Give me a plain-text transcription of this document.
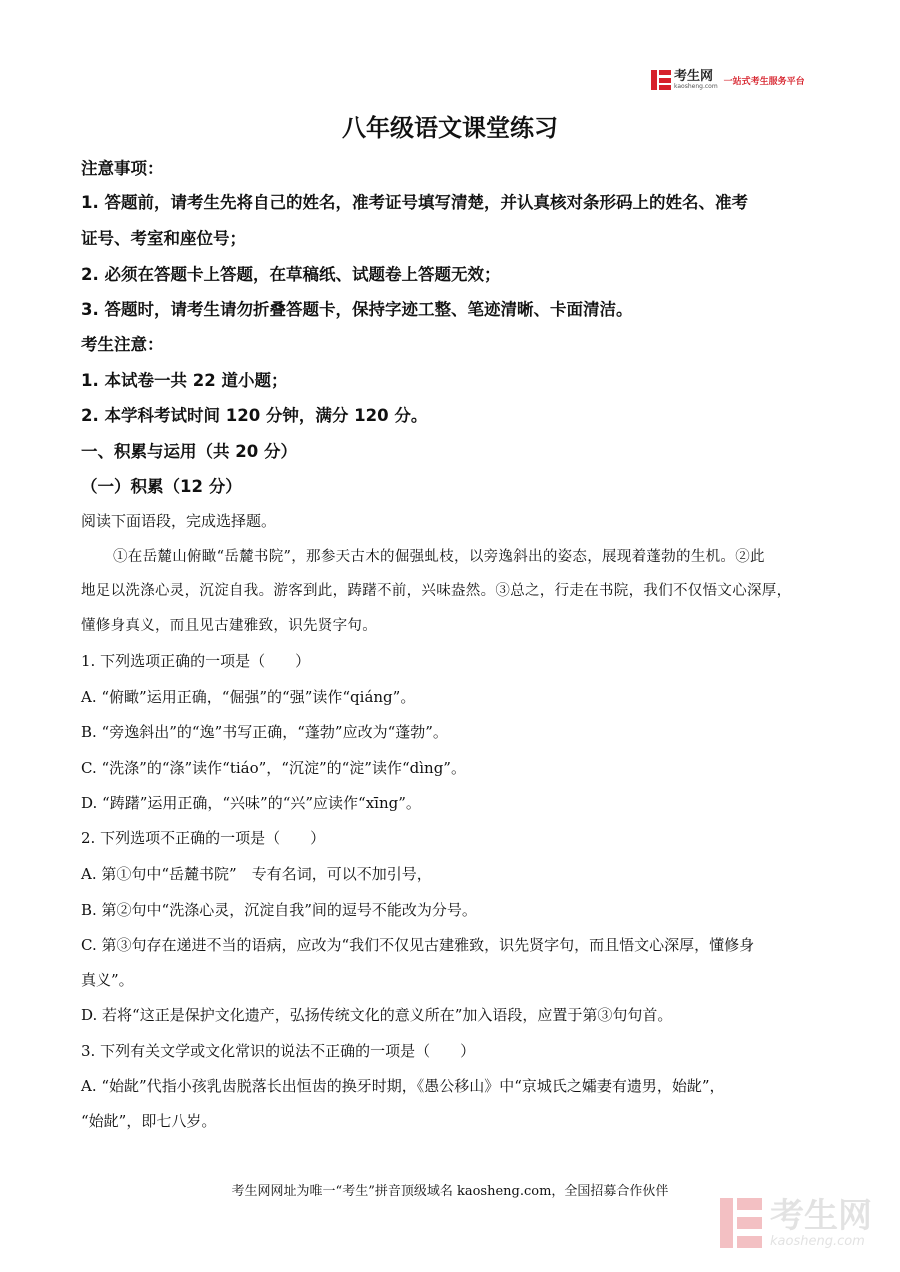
考生网
kaosheng.com 一站式考生服务平台
八年级语文课堂练习
注意事项：
1. 答题前，请考生先将自己的姓名，准考证号填写清楚，并认真核对条形码上的姓名、准考
证号、考室和座位号；
2. 必须在答题卡上答题，在草稿纸、试题卷上答题无效；
3. 答题时，请考生请勿折叠答题卡，保持字迹工整、笔迹清晰、卡面清洁。
考生注意：
1. 本试卷一共 22 道小题；
2. 本学科考试时间 120 分钟，满分 120 分。
一、积累与运用（共 20 分）
（一）积累（12 分）
阅读下面语段，完成选择题。
①在岳麓山俯瞰“岳麓书院”，那参天古木的倔强虬枝，以旁逸斜出的姿态，展现着蓬勃的生机。②此
地足以洗涤心灵，沉淀自我。游客到此，踌躇不前，兴味盎然。③总之，行走在书院，我们不仅悟文心深厚，
懂修身真义，而且见古建雅致，识先贤字句。
1. 下列选项正确的一项是（　　）
A. “俯瞰”运用正确，“倔强”的“强”读作“qiáng”。
B. “旁逸斜出”的“逸”书写正确，“蓬勃”应改为“蓬勃”。
C. “洗涤”的“涤”读作“tiáo”，“沉淀”的“淀”读作“dìng”。
D. “踌躇”运用正确，“兴味”的“兴”应读作“xīng”。
2. 下列选项不正确的一项是（　　）
A. 第①句中“岳麓书院”　专有名词，可以不加引号，
B. 第②句中“洗涤心灵，沉淀自我”间的逗号不能改为分号。
C. 第③句存在递进不当的语病，应改为“我们不仅见古建雅致，识先贤字句，而且悟文心深厚，懂修身
真义”。
D. 若将“这正是保护文化遗产，弘扬传统文化的意义所在”加入语段，应置于第③句句首。
3. 下列有关文学或文化常识的说法不正确的一项是（　　）
A. “始龀”代指小孩乳齿脱落长出恒齿的换牙时期，《愚公移山》中“京城氏之孀妻有遗男，始龀”，
“始龀”，即七八岁。
考生网网址为唯一“考生”拼音顶级域名 kaosheng.com，全国招募合作伙伴
考生网
kaosheng.com
